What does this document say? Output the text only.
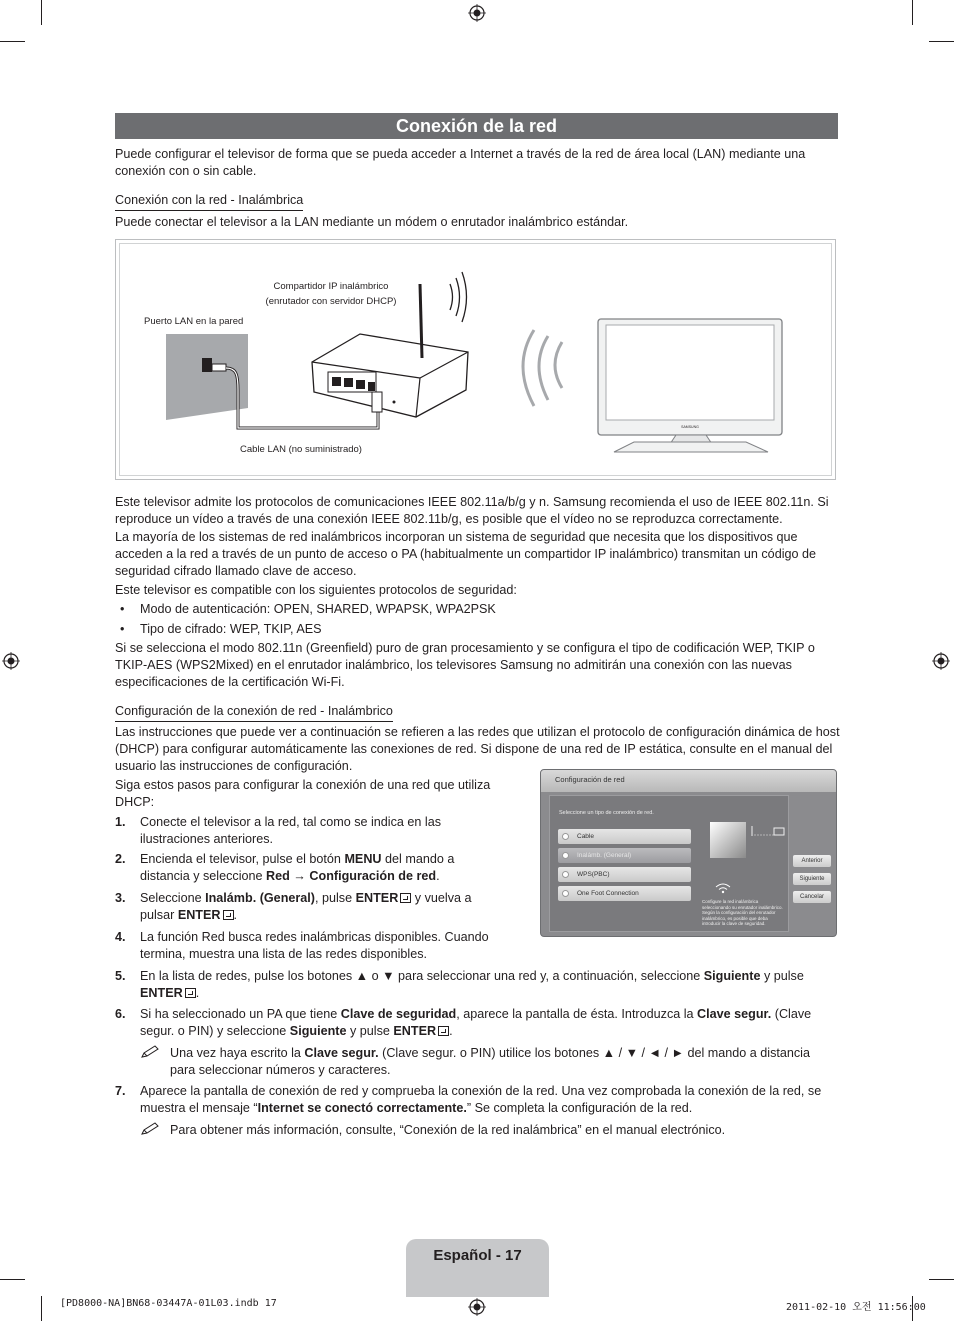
Conexión de la red
Puede configurar el televisor de forma que se pueda acceder a Internet a través de la red de área local (LAN) mediante una conexión con o sin cable.
Conexión con la red - Inalámbrica
Puede conectar el televisor a la LAN mediante un módem o enrutador inalámbrico estándar.
Compartidor IP inalámbrico
(enrutador con servidor DHCP)
Puerto LAN en la pared
Cable LAN (no suministrado)
SAMSUNG
Este televisor admite los protocolos de comunicaciones IEEE 802.11a/b/g y n. Samsung recomienda el uso de IEEE 802.11n. Si reproduce un vídeo a través de una conexión IEEE 802.11b/g, es posible que el vídeo no se reproduzca correctamente.
La mayoría de los sistemas de red inalámbricos incorporan un sistema de seguridad que necesita que los dispositivos que acceden a la red a través de un punto de acceso o PA (habitualmente un compartidor IP inalámbrico) transmitan un código de seguridad cifrado llamado clave de acceso.
Este televisor es compatible con los siguientes protocolos de seguridad:
• Modo de autenticación: OPEN, SHARED, WPAPSK, WPA2PSK
• Tipo de cifrado: WEP, TKIP, AES
Si se selecciona el modo 802.11n (Greenfield) puro de gran procesamiento y se configura el tipo de codificación WEP, TKIP o TKIP-AES (WPS2Mixed) en el enrutador inalámbrico, los televisores Samsung no admitirán una conexión con las nuevas especificaciones de la certificación Wi-Fi.
Configuración de la conexión de red - Inalámbrico
Las instrucciones que puede ver a continuación se refieren a las redes que utilizan el protocolo de configuración dinámica de host (DHCP) para configurar automáticamente las conexiones de red. Si dispone de una red de IP estática, consulte en el manual del usuario las instrucciones de configuración.
Siga estos pasos para configurar la conexión de una red que utiliza
DHCP:
1. Conecte el televisor a la red, tal como se indica en las
ilustraciones anteriores.
2. Encienda el televisor, pulse el botón MENU del mando a
distancia y seleccione Red → Configuración de red.
3. Seleccione Inalámb. (General), pulse ENTER y vuelva a
pulsar ENTER .
4. La función Red busca redes inalámbricas disponibles. Cuando
termina, muestra una lista de las redes disponibles.
5. En la lista de redes, pulse los botones ▲ o ▼ para seleccionar una red y, a continuación, seleccione Siguiente y pulse
ENTER .
6. Si ha seleccionado un PA que tiene Clave de seguridad, aparece la pantalla de ésta. Introduzca la Clave segur. (Clave
segur. o PIN) y seleccione Siguiente y pulse ENTER .
Una vez haya escrito la Clave segur. (Clave segur. o PIN) utilice los botones ▲ / ▼ / ◄ / ► del mando a distancia
para seleccionar números y caracteres.
7. Aparece la pantalla de conexión de red y comprueba la conexión de la red. Una vez comprobada la conexión de la red, se
muestra el mensaje “Internet se conectó correctamente.” Se completa la configuración de la red.
Para obtener más información, consulte, “Conexión de la red inalámbrica” en el manual electrónico.
Configuración de red
Seleccione un tipo de conexión de red.
Cable
Inalámb. (General)
WPS(PBC)
One Foot Connection
Configure la red inalámbrica seleccionando su enrutador inalámbrico. Según la configuración del enrutador inalámbrico, es posible que deba introducir la clave de seguridad.
Anterior
Siguiente
Cancelar
Español - 17
[PD8000-NA]BN68-03447A-01L03.indb 17	2011-02-10 오전 11:56:00
